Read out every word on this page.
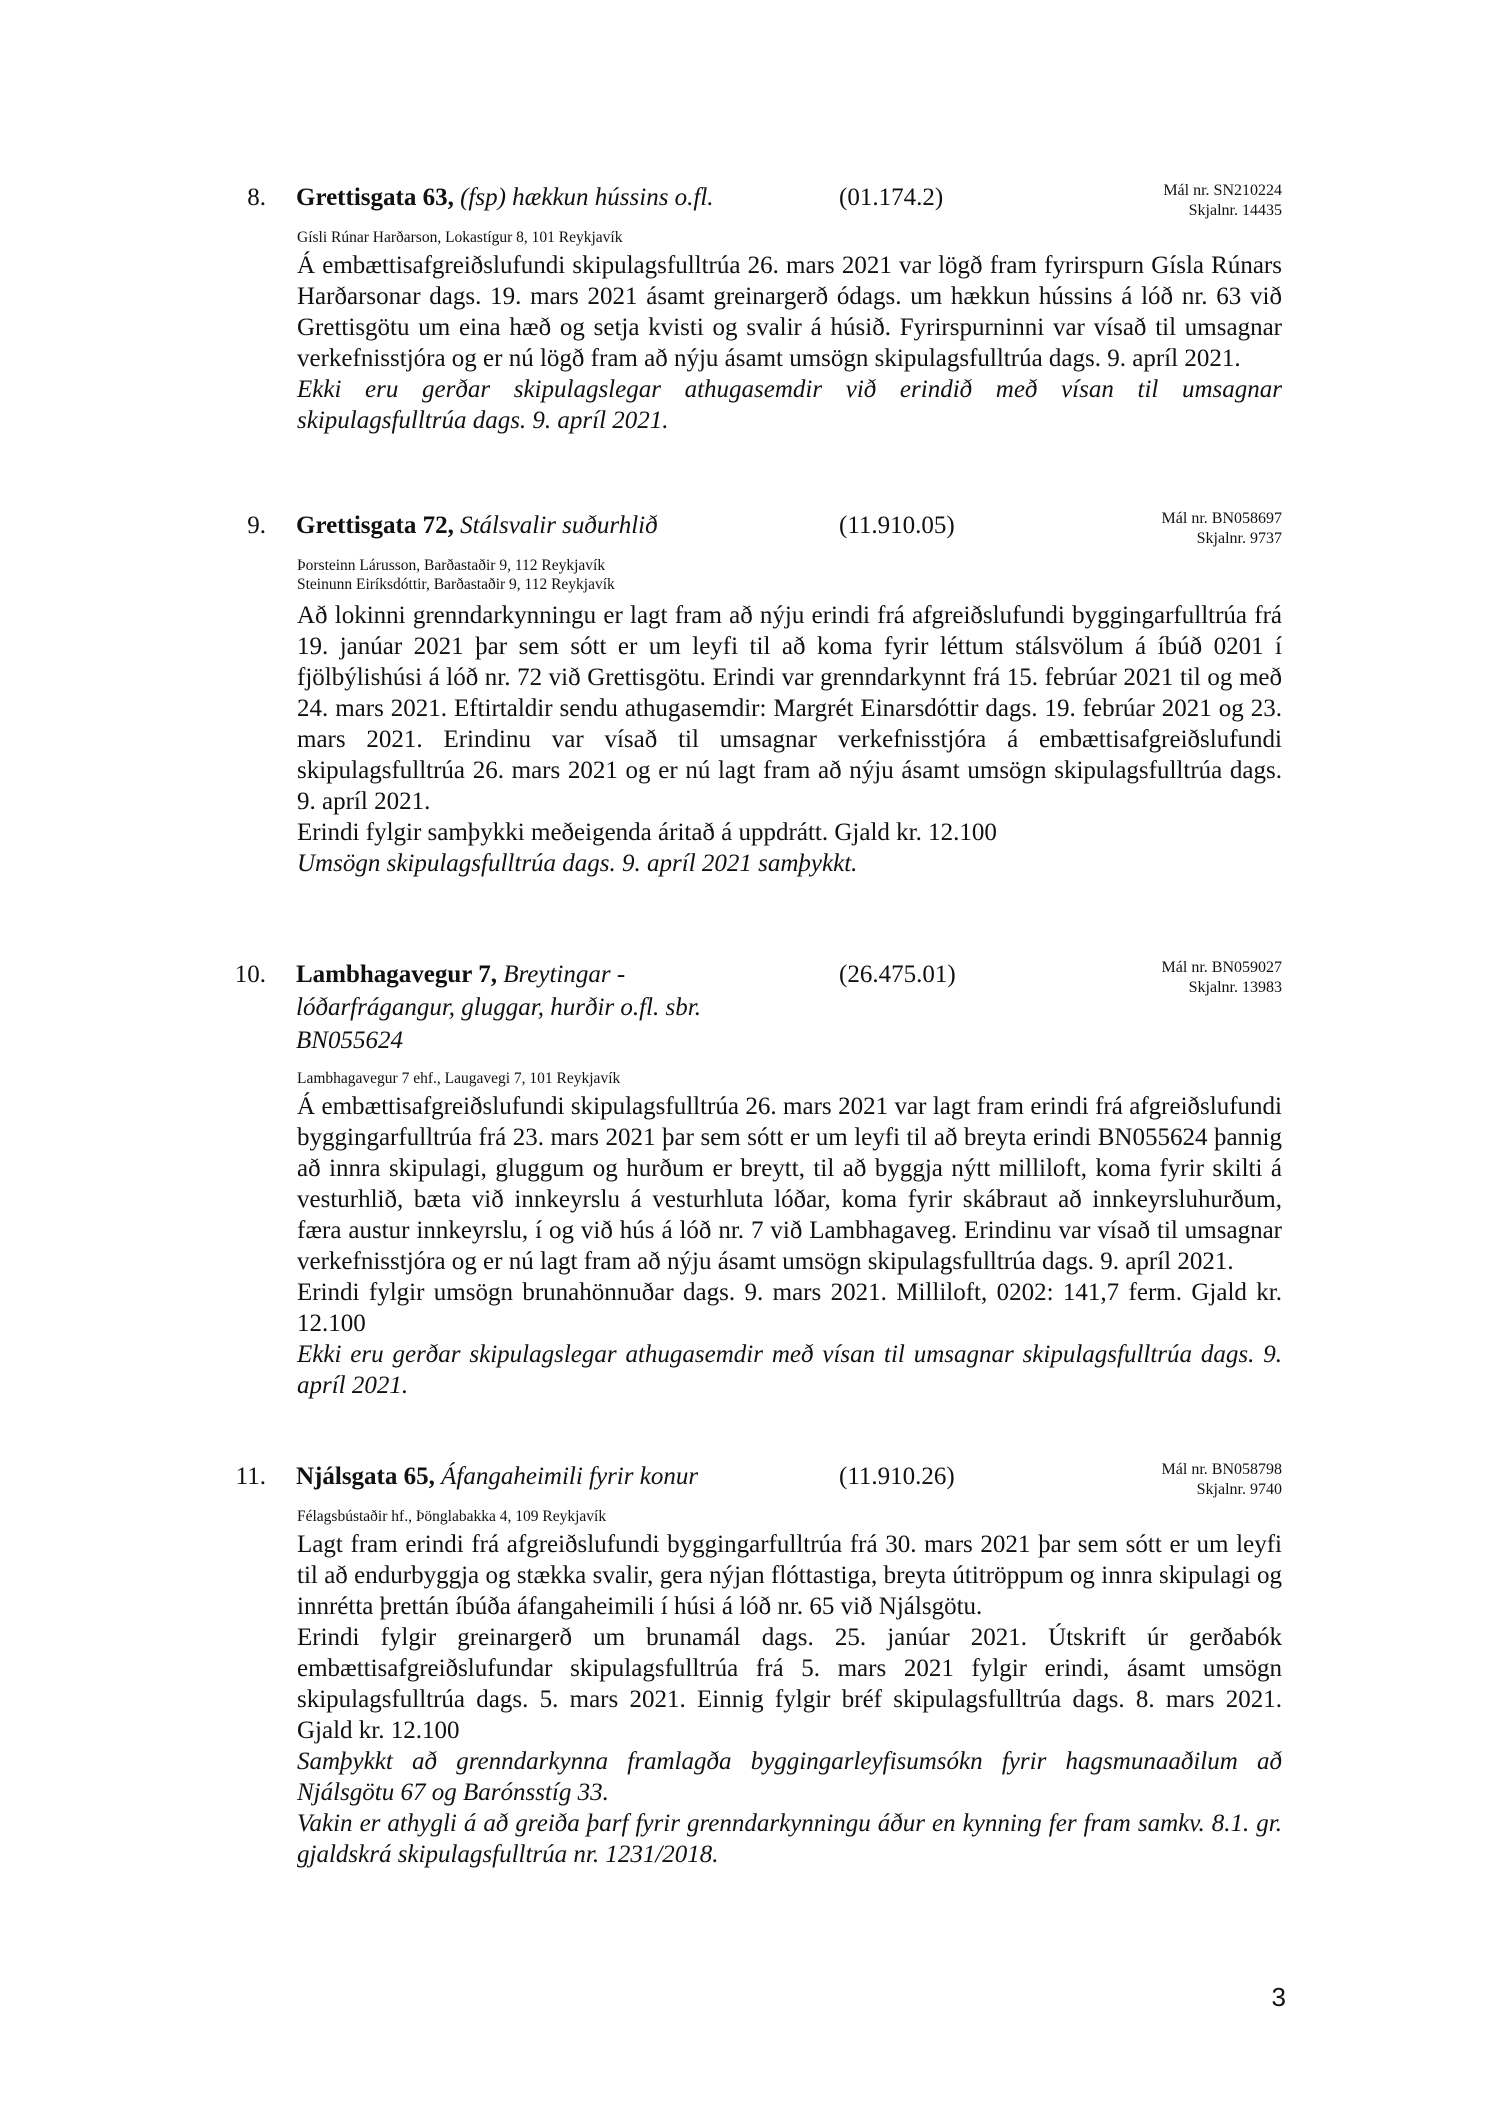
8. Grettisgata 63, (fsp) hækkun hússins o.fl.	(01.174.2)	Mál nr. SN210224
Skjalnr. 14435
Gísli Rúnar Harðarson, Lokastígur 8, 101 Reykjavík

Á embættisafgreiðslufundi skipulagsfulltrúa 26. mars 2021 var lögð fram fyrirspurn Gísla Rúnars Harðarsonar dags. 19. mars 2021 ásamt greinargerð ódags. um hækkun hússins á lóð nr. 63 við Grettisgötu um eina hæð og setja kvisti og svalir á húsið. Fyrirspurninni var vísað til umsagnar verkefnisstjóra og er nú lögð fram að nýju ásamt umsögn skipulagsfulltrúa dags. 9. apríl 2021.

Ekki eru gerðar skipulagslegar athugasemdir við erindið með vísan til umsagnar skipulagsfulltrúa dags. 9. apríl 2021.

9. Grettisgata 72, Stálsvalir suðurhlið	(11.910.05)	Mál nr. BN058697
Skjalnr. 9737
Þorsteinn Lárusson, Barðastaðir 9, 112 Reykjavík
Steinunn Eiríksdóttir, Barðastaðir 9, 112 Reykjavík

Að lokinni grenndarkynningu er lagt fram að nýju erindi frá afgreiðslufundi byggingarfulltrúa frá 19. janúar 2021 þar sem sótt er um leyfi til að koma fyrir léttum stálsvölum á íbúð 0201 í fjölbýlishúsi á lóð nr. 72 við Grettisgötu. Erindi var grenndarkynnt frá 15. febrúar 2021 til og með 24. mars 2021. Eftirtaldir sendu athugasemdir: Margrét Einarsdóttir dags. 19. febrúar 2021 og 23. mars 2021. Erindinu var vísað til umsagnar verkefnisstjóra á embættisafgreiðslufundi skipulagsfulltrúa 26. mars 2021 og er nú lagt fram að nýju ásamt umsögn skipulagsfulltrúa dags. 9. apríl 2021.

Erindi fylgir samþykki meðeigenda áritað á uppdrátt. Gjald kr. 12.100

Umsögn skipulagsfulltrúa dags. 9. apríl 2021 samþykkt.

10. Lambhagavegur 7, Breytingar - lóðarfrágangur, gluggar, hurðir o.fl. sbr. BN055624
(26.475.01)	Mál nr. BN059027
Skjalnr. 13983
Lambhagavegur 7 ehf., Laugavegi 7, 101 Reykjavík

Á embættisafgreiðslufundi skipulagsfulltrúa 26. mars 2021 var lagt fram erindi frá afgreiðslufundi byggingarfulltrúa frá 23. mars 2021 þar sem sótt er um leyfi til að breyta erindi BN055624 þannig að innra skipulagi, gluggum og hurðum er breytt, til að byggja nýtt milliloft, koma fyrir skilti á vesturhlið, bæta við innkeyrslu á vesturhluta lóðar, koma fyrir skábraut að innkeyrsluhurðum, færa austur innkeyrslu, í og við hús á lóð nr. 7 við Lambhagaveg. Erindinu var vísað til umsagnar verkefnisstjóra og er nú lagt fram að nýju ásamt umsögn skipulagsfulltrúa dags. 9. apríl 2021.

Erindi fylgir umsögn brunahönnuðar dags. 9. mars 2021. Milliloft, 0202: 141,7 ferm. Gjald kr. 12.100

Ekki eru gerðar skipulagslegar athugasemdir með vísan til umsagnar skipulagsfulltrúa dags. 9. apríl 2021.

11. Njálsgata 65, Áfangaheimili fyrir konur	(11.910.26)	Mál nr. BN058798
Skjalnr. 9740
Félagsbústaðir hf., Þönglabakka 4, 109 Reykjavík

Lagt fram erindi frá afgreiðslufundi byggingarfulltrúa frá 30. mars 2021 þar sem sótt er um leyfi til að endurbyggja og stækka svalir, gera nýjan flóttastiga, breyta útitröppum og innra skipulagi og innrétta þrettán íbúða áfangaheimili í húsi á lóð nr. 65 við Njálsgötu.

Erindi fylgir greinargerð um brunamál dags. 25. janúar 2021. Útskrift úr gerðabók embættisafgreiðslufundar skipulagsfulltrúa frá 5. mars 2021 fylgir erindi, ásamt umsögn skipulagsfulltrúa dags. 5. mars 2021. Einnig fylgir bréf skipulagsfulltrúa dags. 8. mars 2021. Gjald kr. 12.100

Samþykkt að grenndarkynna framlagða byggingarleyfisumsókn fyrir hagsmunaaðilum að Njálsgötu 67 og Barónsstíg 33.

Vakin er athygli á að greiða þarf fyrir grenndarkynningu áður en kynning fer fram samkv. 8.1. gr. gjaldskrá skipulagsfulltrúa nr. 1231/2018.

3
